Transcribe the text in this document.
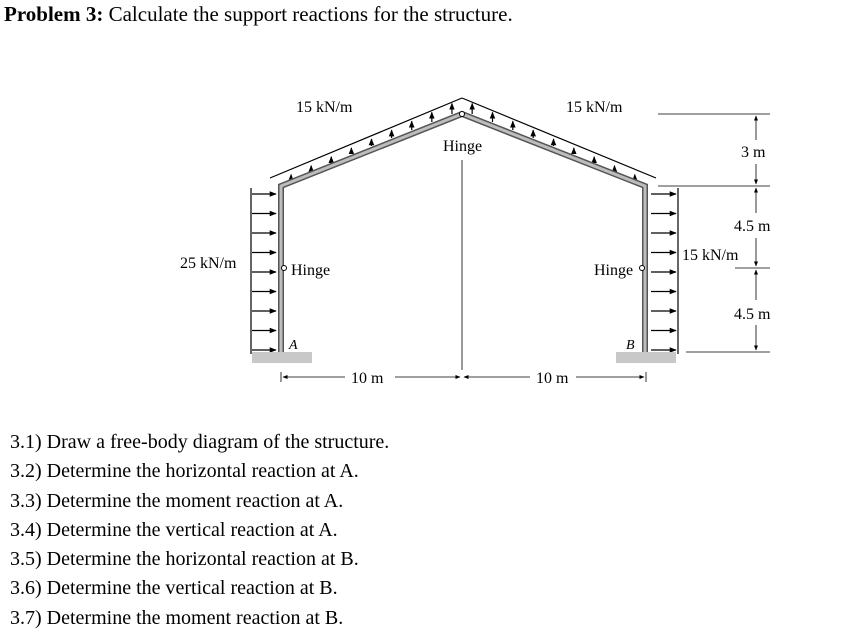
Problem 3: Calculate the support reactions for the structure.
15 kN/m	15 kN/m
Hinge
Hinge	Hinge
25 kN/m	15 kN/m
A	B
10 m	10 m
3 m
4.5 m
4.5 m
3.1) Draw a free-body diagram of the structure.
3.2) Determine the horizontal reaction at A.
3.3) Determine the moment reaction at A.
3.4) Determine the vertical reaction at A.
3.5) Determine the horizontal reaction at B.
3.6) Determine the vertical reaction at B.
3.7) Determine the moment reaction at B.
